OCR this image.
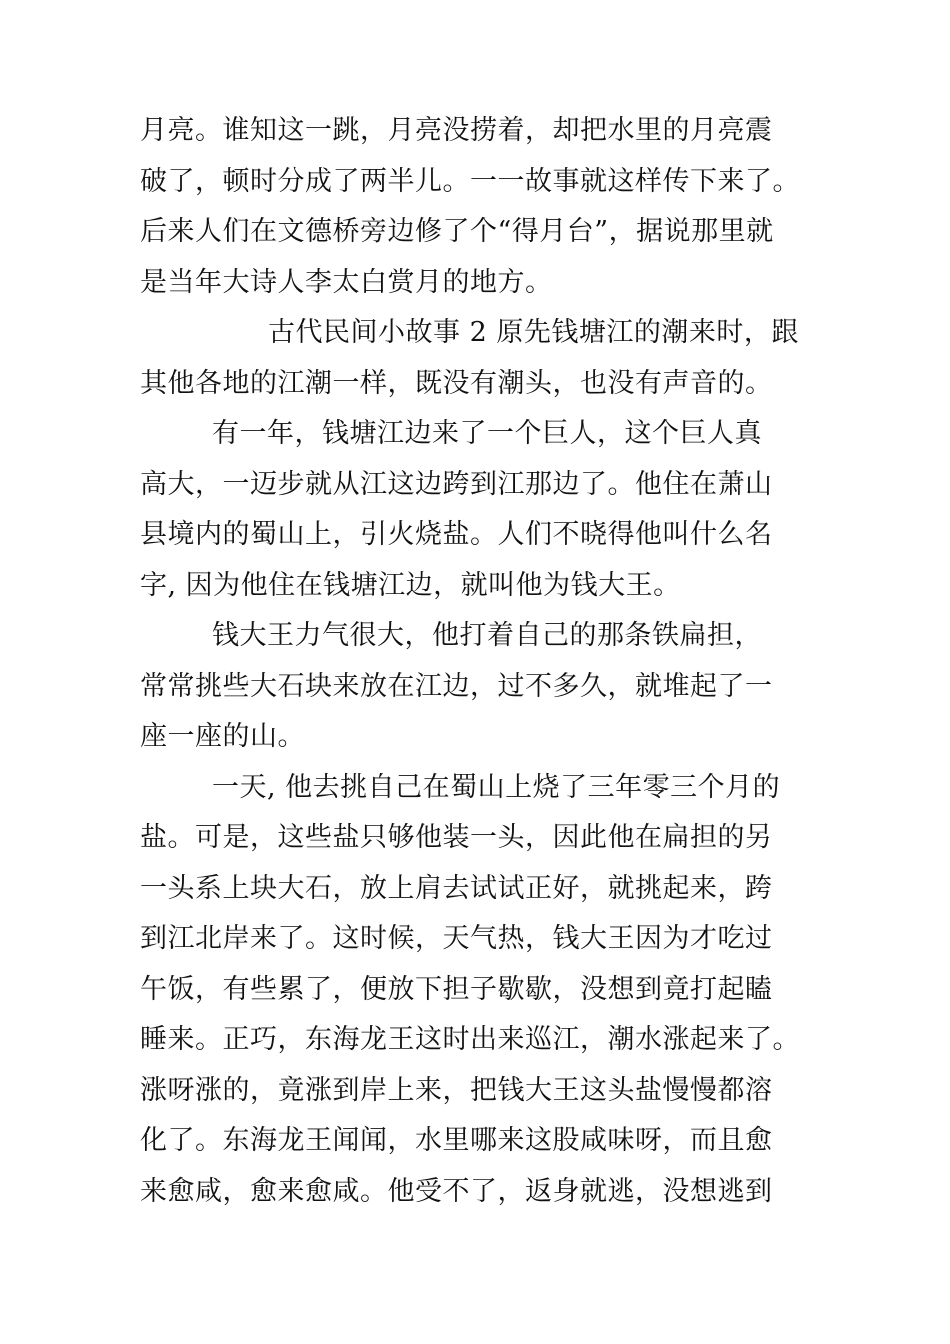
月亮。谁知这一跳，月亮没捞着，却把水里的月亮震
破了，顿时分成了两半儿。一一故事就这样传下来了。
后来人们在文德桥旁边修了个“得月台”，据说那里就
是当年大诗人李太白赏月的地方。
古代民间小故事 2 原先钱塘江的潮来时，跟
其他各地的江潮一样，既没有潮头，也没有声音的。
有一年，钱塘江边来了一个巨人，这个巨人真
高大，一迈步就从江这边跨到江那边了。他住在萧山
县境内的蜀山上，引火烧盐。人们不晓得他叫什么名
字, 因为他住在钱塘江边，就叫他为钱大王。
钱大王力气很大，他打着自己的那条铁扁担，
常常挑些大石块来放在江边，过不多久，就堆起了一
座一座的山。
一天, 他去挑自己在蜀山上烧了三年零三个月的
盐。可是，这些盐只够他装一头，因此他在扁担的另
一头系上块大石，放上肩去试试正好，就挑起来，跨
到江北岸来了。这时候，天气热，钱大王因为才吃过
午饭，有些累了，便放下担子歇歇，没想到竟打起瞌
睡来。正巧，东海龙王这时出来巡江，潮水涨起来了。
涨呀涨的，竟涨到岸上来，把钱大王这头盐慢慢都溶
化了。东海龙王闻闻，水里哪来这股咸味呀，而且愈
来愈咸，愈来愈咸。他受不了，返身就逃，没想逃到
